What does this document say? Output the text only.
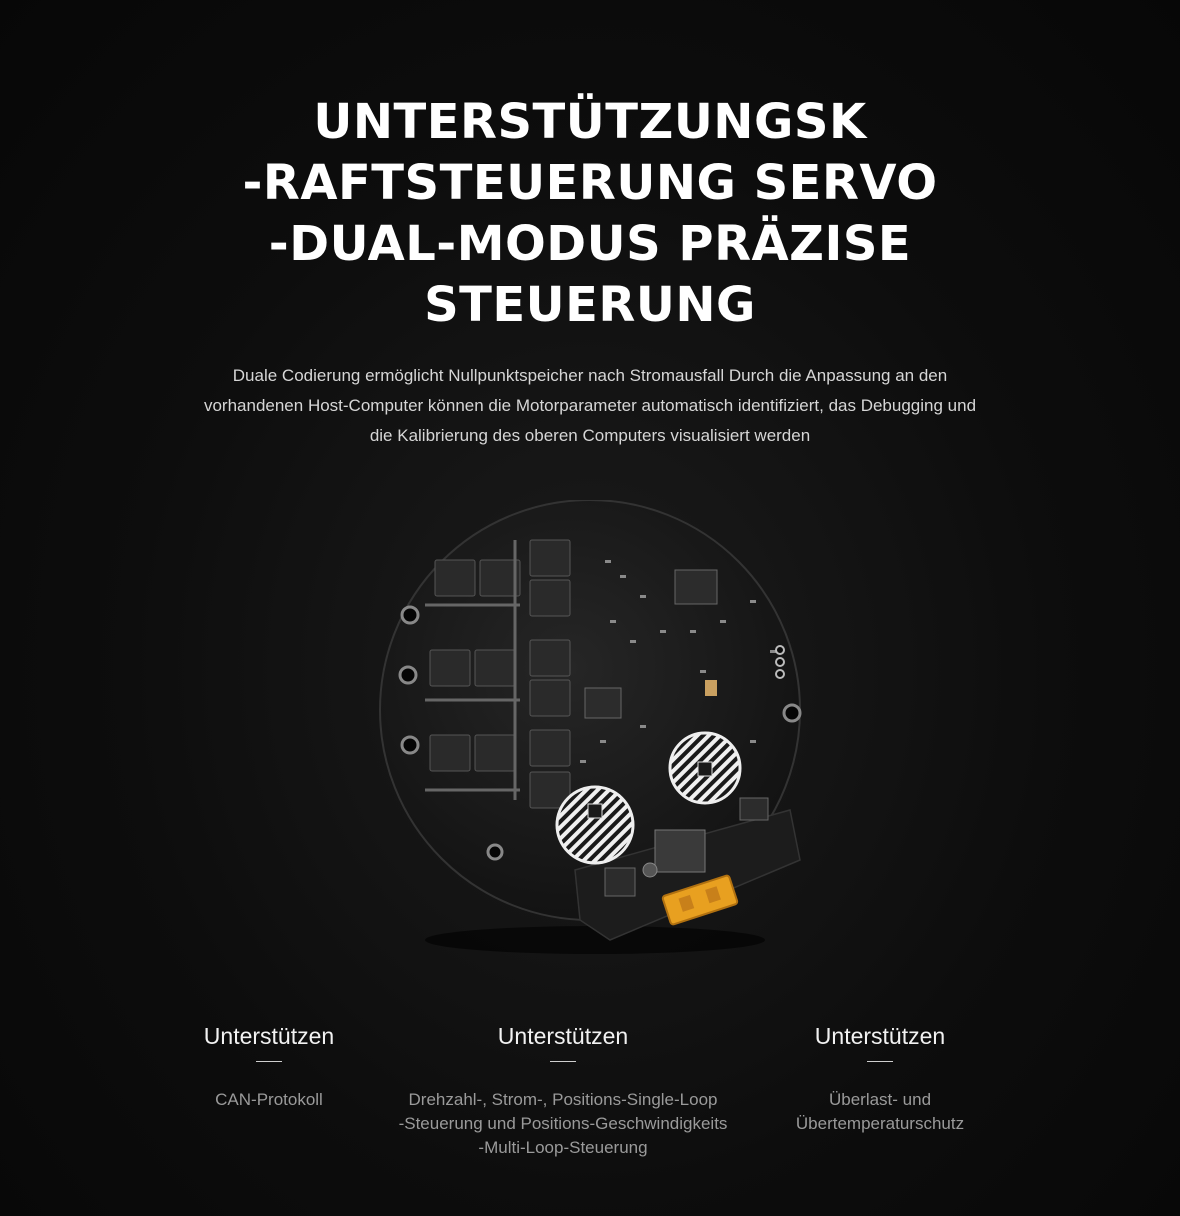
UNTERSTÜTZUNGSK
-RAFTSTEUERUNG SERVO
-DUAL-MODUS PRÄZISE
STEUERUNG
Duale Codierung ermöglicht Nullpunktspeicher nach Stromausfall Durch die Anpassung an den
vorhandenen Host-Computer können die Motorparameter automatisch identifiziert, das Debugging und
die Kalibrierung des oberen Computers visualisiert werden
Unterstützen
CAN-Protokoll
Unterstützen
Drehzahl-, Strom-, Positions-Single-Loop
-Steuerung und Positions-Geschwindigkeits
-Multi-Loop-Steuerung
Unterstützen
Überlast- und
Übertemperaturschutz
